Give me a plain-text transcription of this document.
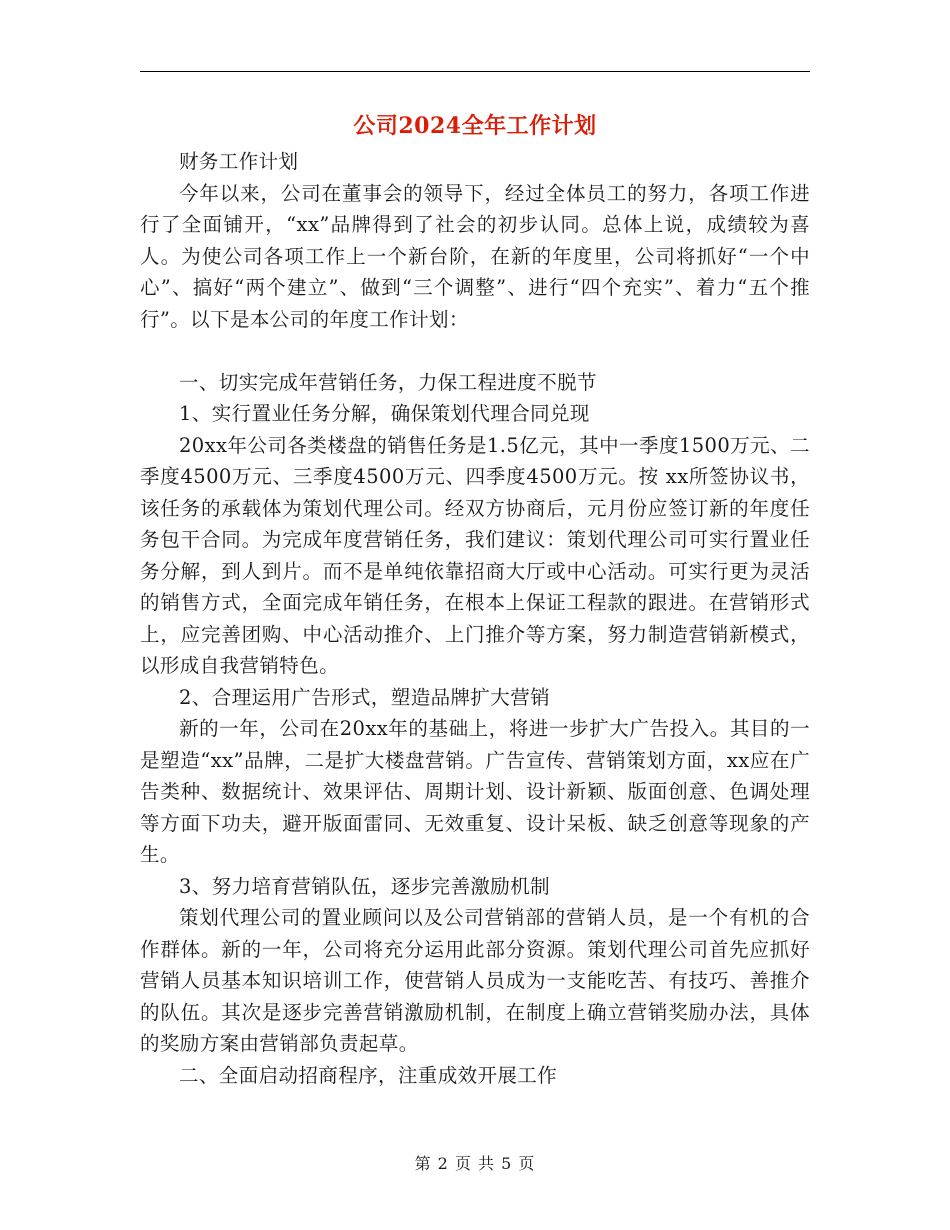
公司2024全年工作计划

财务工作计划

今年以来，公司在董事会的领导下，经过全体员工的努力，各项工作进行了全面铺开，“xx”品牌得到了社会的初步认同。总体上说，成绩较为喜人。为使公司各项工作上一个新台阶，在新的年度里，公司将抓好“一个中心”、搞好“两个建立”、做到“三个调整”、进行“四个充实”、着力“五个推行”。以下是本公司的年度工作计划：

一、切实完成年营销任务，力保工程进度不脱节

1、实行置业任务分解，确保策划代理合同兑现

20xx年公司各类楼盘的销售任务是1.5亿元，其中一季度1500万元、二季度4500万元、三季度4500万元、四季度4500万元。按 xx所签协议书，该任务的承载体为策划代理公司。经双方协商后，元月份应签订新的年度任务包干合同。为完成年度营销任务，我们建议：策划代理公司可实行置业任务分解，到人到片。而不是单纯依靠招商大厅或中心活动。可实行更为灵活的销售方式，全面完成年销任务，在根本上保证工程款的跟进。在营销形式上，应完善团购、中心活动推介、上门推介等方案，努力制造营销新模式，以形成自我营销特色。

2、合理运用广告形式，塑造品牌扩大营销

新的一年，公司在20xx年的基础上，将进一步扩大广告投入。其目的一是塑造“xx”品牌，二是扩大楼盘营销。广告宣传、营销策划方面，xx应在广告类种、数据统计、效果评估、周期计划、设计新颖、版面创意、色调处理等方面下功夫，避开版面雷同、无效重复、设计呆板、缺乏创意等现象的产生。

3、努力培育营销队伍，逐步完善激励机制

策划代理公司的置业顾问以及公司营销部的营销人员，是一个有机的合作群体。新的一年，公司将充分运用此部分资源。策划代理公司首先应抓好营销人员基本知识培训工作，使营销人员成为一支能吃苦、有技巧、善推介的队伍。其次是逐步完善营销激励机制，在制度上确立营销奖励办法，具体的奖励方案由营销部负责起草。

二、全面启动招商程序，注重成效开展工作

第 2 页 共 5 页
